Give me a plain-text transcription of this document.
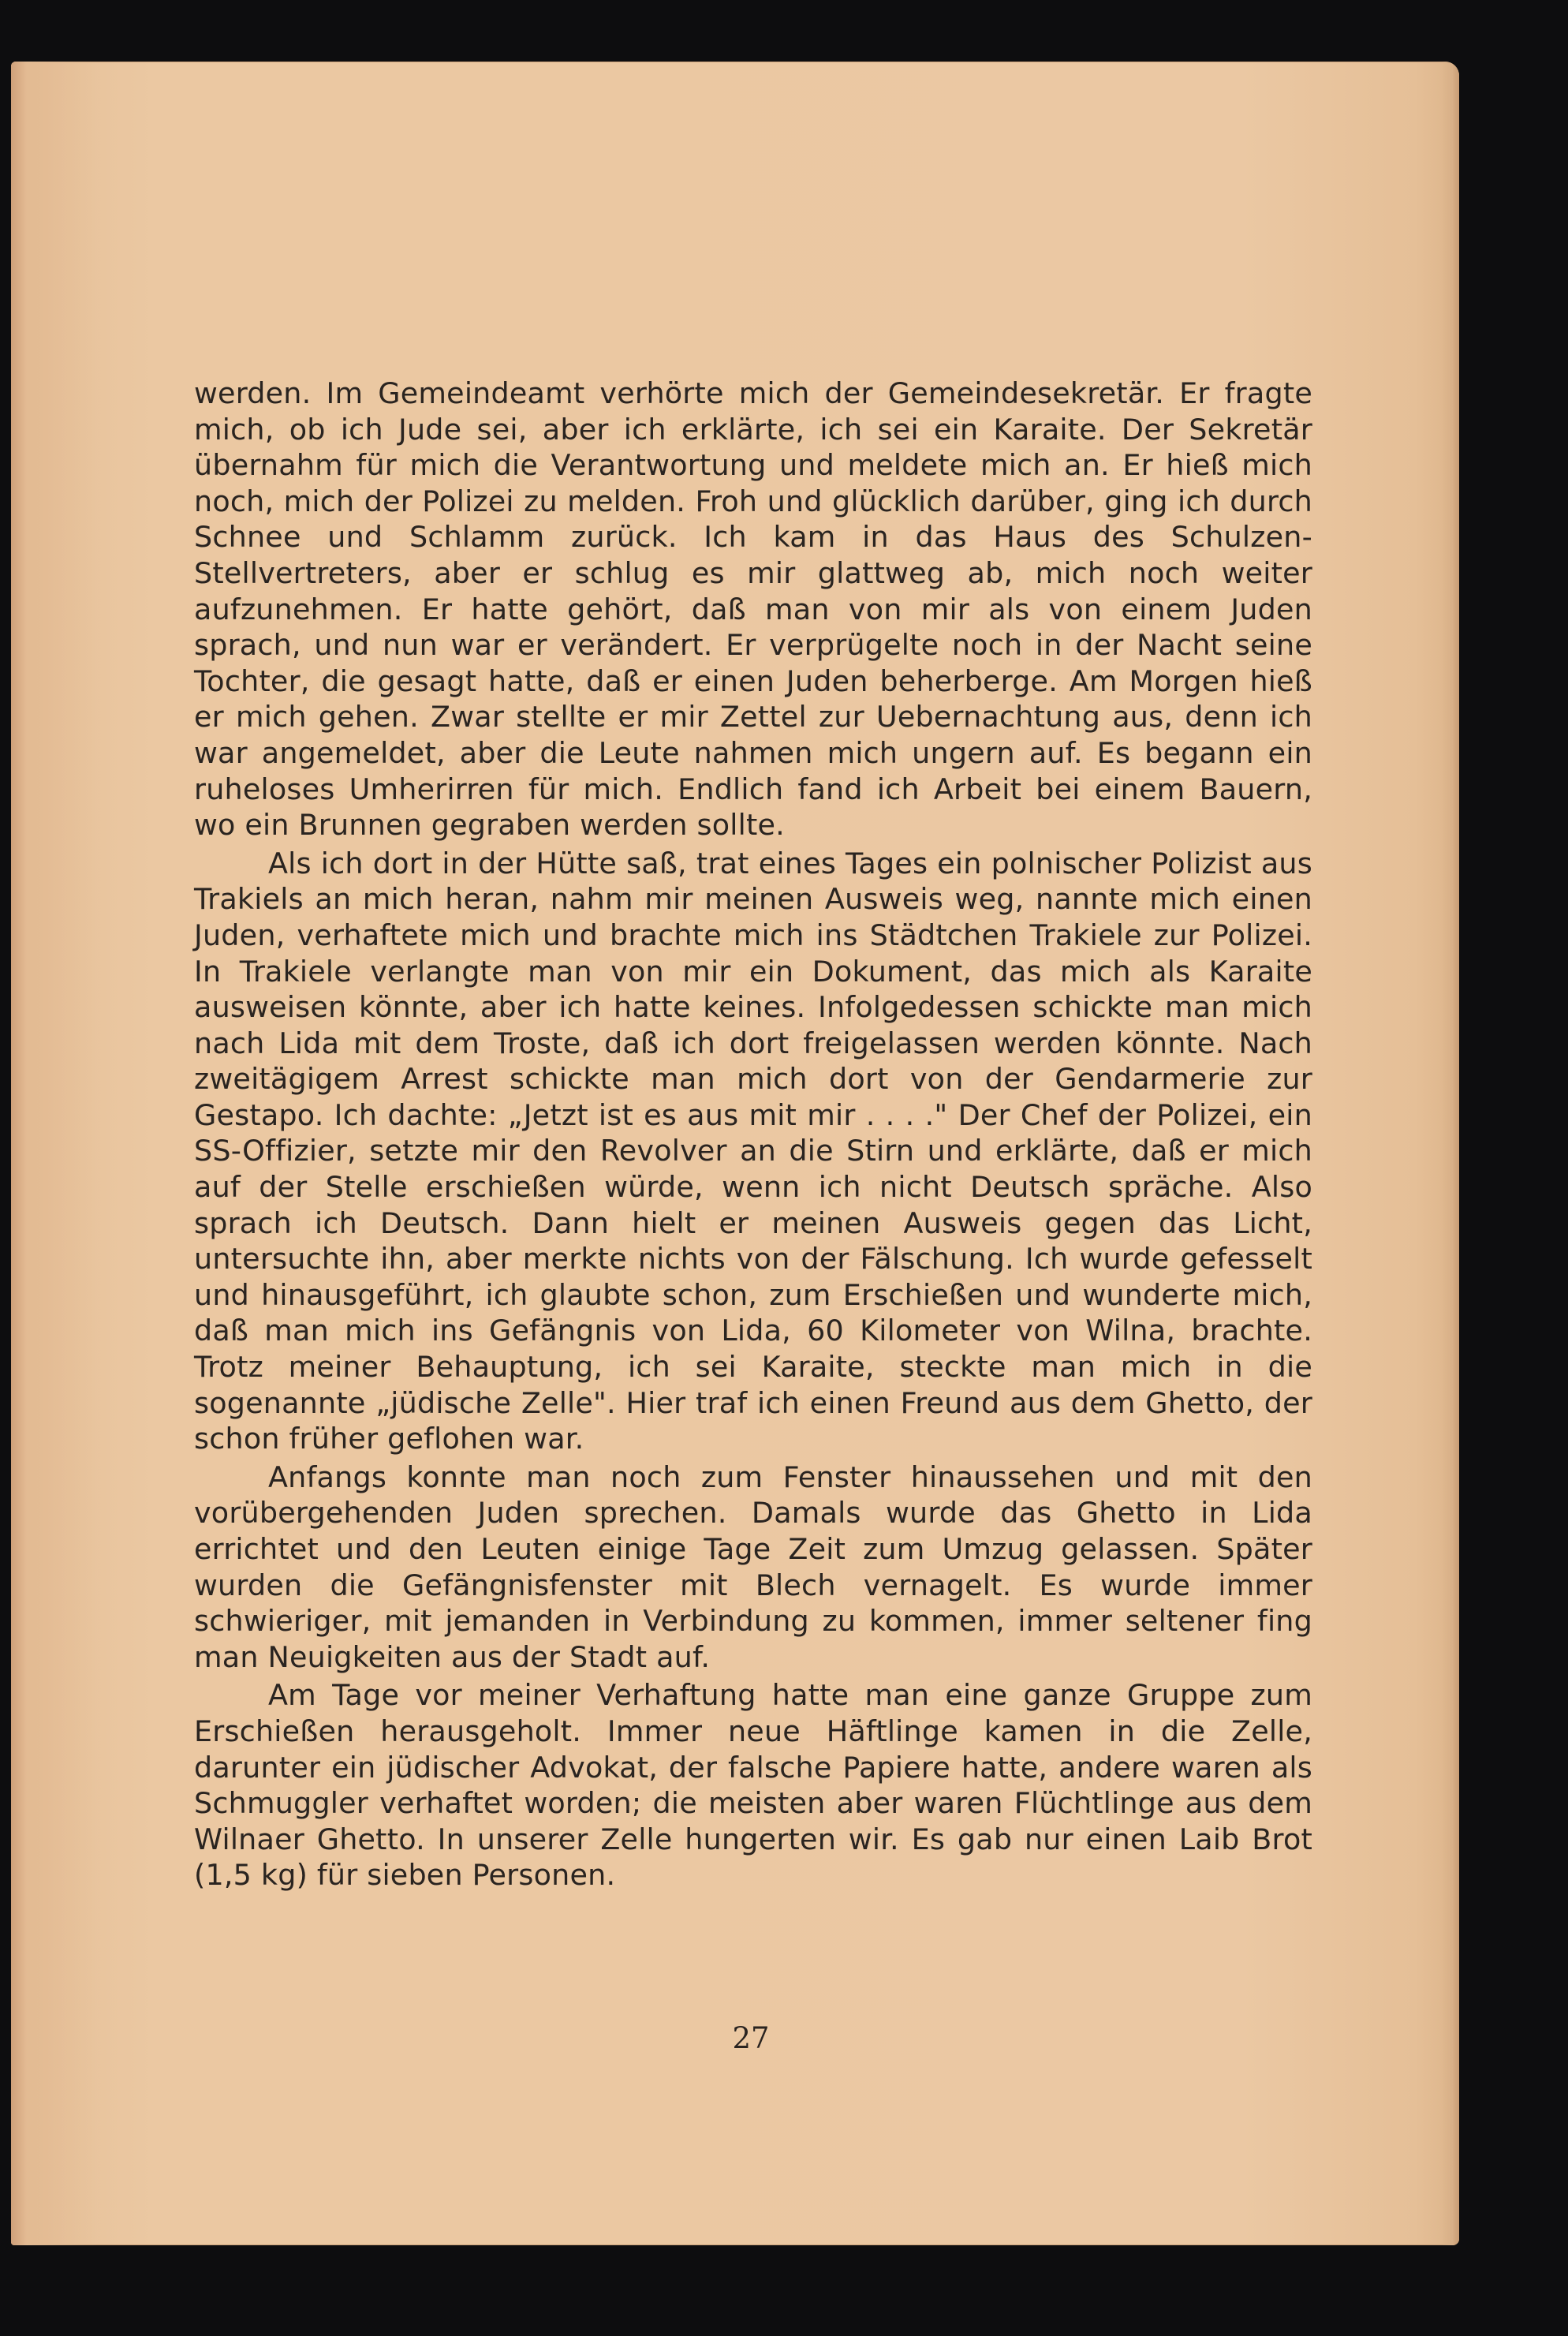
werden. Im Gemeindeamt verhörte mich der Gemeindesekretär. Er fragte mich, ob ich Jude sei, aber ich erklärte, ich sei ein Karaite. Der Sekretär übernahm für mich die Verantwortung und meldete mich an. Er hieß mich noch, mich der Polizei zu melden. Froh und glücklich darüber, ging ich durch Schnee und Schlamm zurück. Ich kam in das Haus des Schulzen-Stellvertreters, aber er schlug es mir glattweg ab, mich noch weiter aufzunehmen. Er hatte gehört, daß man von mir als von einem Juden sprach, und nun war er verändert. Er verprügelte noch in der Nacht seine Tochter, die gesagt hatte, daß er einen Juden beherberge. Am Morgen hieß er mich gehen. Zwar stellte er mir Zettel zur Uebernachtung aus, denn ich war angemeldet, aber die Leute nahmen mich ungern auf. Es begann ein ruheloses Umherirren für mich. Endlich fand ich Arbeit bei einem Bauern, wo ein Brunnen gegraben werden sollte.

Als ich dort in der Hütte saß, trat eines Tages ein polnischer Polizist aus Trakiels an mich heran, nahm mir meinen Ausweis weg, nannte mich einen Juden, verhaftete mich und brachte mich ins Städtchen Trakiele zur Polizei. In Trakiele verlangte man von mir ein Dokument, das mich als Karaite ausweisen könnte, aber ich hatte keines. Infolgedessen schickte man mich nach Lida mit dem Troste, daß ich dort freigelassen werden könnte. Nach zweitägigem Arrest schickte man mich dort von der Gendarmerie zur Gestapo. Ich dachte: „Jetzt ist es aus mit mir . . . ." Der Chef der Polizei, ein SS-Offizier, setzte mir den Revolver an die Stirn und erklärte, daß er mich auf der Stelle erschießen würde, wenn ich nicht Deutsch spräche. Also sprach ich Deutsch. Dann hielt er meinen Ausweis gegen das Licht, untersuchte ihn, aber merkte nichts von der Fälschung. Ich wurde gefesselt und hinausgeführt, ich glaubte schon, zum Erschießen und wunderte mich, daß man mich ins Gefängnis von Lida, 60 Kilometer von Wilna, brachte. Trotz meiner Behauptung, ich sei Karaite, steckte man mich in die sogenannte „jüdische Zelle". Hier traf ich einen Freund aus dem Ghetto, der schon früher geflohen war.

Anfangs konnte man noch zum Fenster hinaussehen und mit den vorübergehenden Juden sprechen. Damals wurde das Ghetto in Lida errichtet und den Leuten einige Tage Zeit zum Umzug gelassen. Später wurden die Gefängnisfenster mit Blech vernagelt. Es wurde immer schwieriger, mit jemanden in Verbindung zu kommen, immer seltener fing man Neuigkeiten aus der Stadt auf.

Am Tage vor meiner Verhaftung hatte man eine ganze Gruppe zum Erschießen herausgeholt. Immer neue Häftlinge kamen in die Zelle, darunter ein jüdischer Advokat, der falsche Papiere hatte, andere waren als Schmuggler verhaftet worden; die meisten aber waren Flüchtlinge aus dem Wilnaer Ghetto. In unserer Zelle hungerten wir. Es gab nur einen Laib Brot (1,5 kg) für sieben Personen.

27
